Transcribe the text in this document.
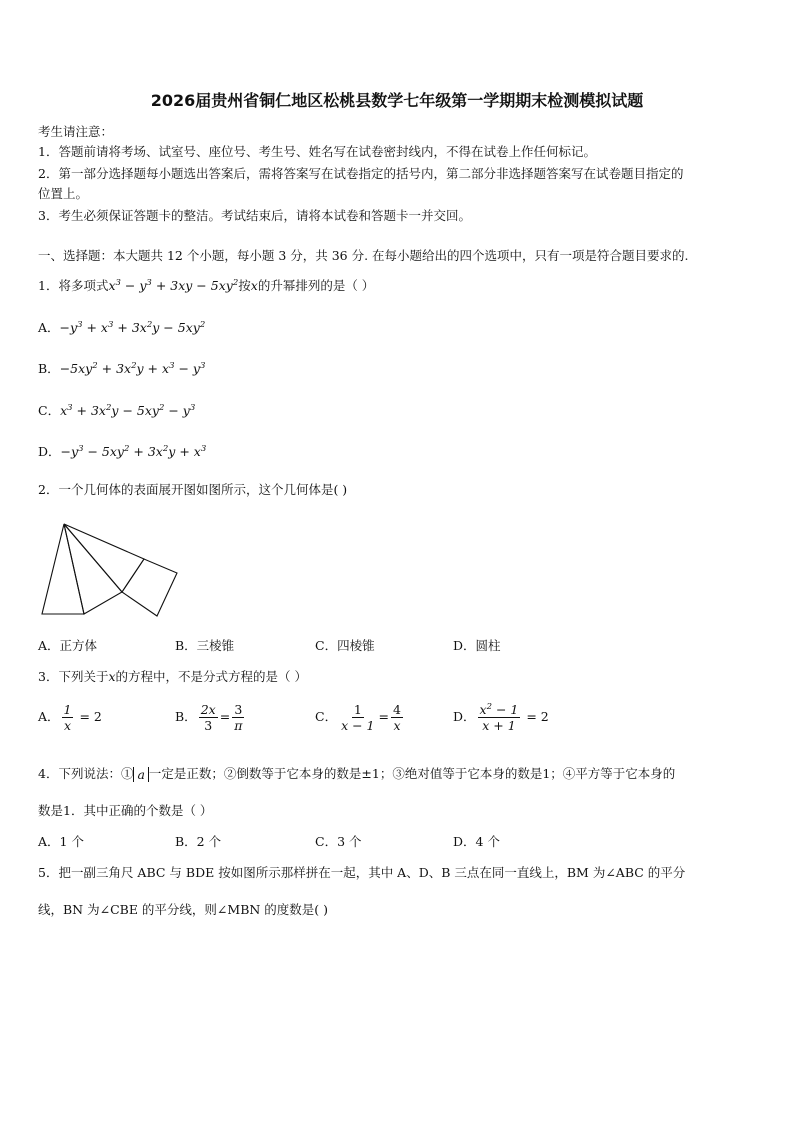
2026届贵州省铜仁地区松桃县数学七年级第一学期期末检测模拟试题
考生请注意：
1．答题前请将考场、试室号、座位号、考生号、姓名写在试卷密封线内，不得在试卷上作任何标记。
2．第一部分选择题每小题选出答案后，需将答案写在试卷指定的括号内，第二部分非选择题答案写在试卷题目指定的
位置上。
3．考生必须保证答题卡的整洁。考试结束后，请将本试卷和答题卡一并交回。
一、选择题：本大题共 12 个小题，每小题 3 分，共 36 分. 在每小题给出的四个选项中，只有一项是符合题目要求的.
1．将多项式$x^3 - y^3 + 3xy - 5xy^2$按x的升幂排列的是（ ）
A．$-y^3 + x^3 + 3x^2y - 5xy^2$
B．$-5xy^2 + 3x^2y + x^3 - y^3$
C．$x^3 + 3x^2y - 5xy^2 - y^3$
D．$-y^3 - 5xy^2 + 3x^2y + x^3$
2．一个几何体的表面展开图如图所示，这个几何体是( )
A．正方体	B．三棱锥	C．四棱锥	D．圆柱
3．下列关于x的方程中，不是分式方程的是（ ）
A． $\frac{1}{x} = 2$	B． $\frac{2x}{3} = \frac{3}{\pi}$	C． $\frac{1}{x - 1} = \frac{4}{x}$	D． $\frac{x^2 - 1}{x + 1} = 2$
4．下列说法：① a 一定是正数；②倒数等于它本身的数是±1；③绝对值等于它本身的数是1；④平方等于它本身的
数是1．其中正确的个数是（ ）
A．1 个	B．2 个	C．3 个	D．4 个
5．把一副三角尺 ABC 与 BDE 按如图所示那样拼在一起，其中 A、D、B 三点在同一直线上，BM 为∠ABC 的平分
线，BN 为∠CBE 的平分线，则∠MBN 的度数是( )
